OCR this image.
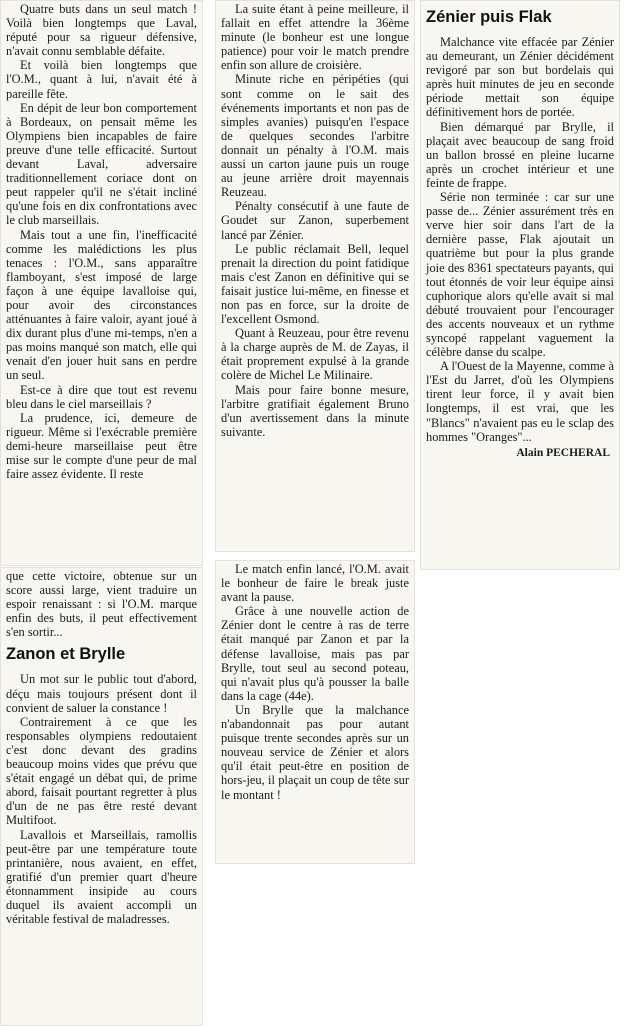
Quatre buts dans un seul match ! Voilà bien longtemps que Laval, réputé pour sa rigueur défensive, n'avait connu semblable défaite.

Et voilà bien longtemps que l'O.M., quant à lui, n'avait été à pareille fête.

En dépit de leur bon comportement à Bordeaux, on pensait même les Olympiens bien incapables de faire preuve d'une telle efficacité. Surtout devant Laval, adversaire traditionnellement coriace dont on peut rappeler qu'il ne s'était incliné qu'une fois en dix confrontations avec le club marseillais.

Mais tout a une fin, l'inefficacité comme les malédictions les plus tenaces : l'O.M., sans apparaître flamboyant, s'est imposé de large façon à une équipe lavalloise qui, pour avoir des circonstances atténuantes à faire valoir, ayant joué à dix durant plus d'une mi-temps, n'en a pas moins manqué son match, elle qui venait d'en jouer huit sans en perdre un seul.

Est-ce à dire que tout est revenu bleu dans le ciel marseillais ?

La prudence, ici, demeure de rigueur. Même si l'exécrable première demi-heure marseillaise peut être mise sur le compte d'une peur de mal faire assez évidente. Il reste

que cette victoire, obtenue sur un score aussi large, vient traduire un espoir renaissant : si l'O.M. marque enfin des buts, il peut effectivement s'en sortir...

Zanon et Brylle

Un mot sur le public tout d'abord, déçu mais toujours présent dont il convient de saluer la constance !

Contrairement à ce que les responsables olympiens redoutaient c'est donc devant des gradins beaucoup moins vides que prévu que s'était engagé un débat qui, de prime abord, faisait pourtant regretter à plus d'un de ne pas être resté devant Multifoot.

Lavallois et Marseillais, ramollis peut-être par une température toute printanière, nous avaient, en effet, gratifié d'un premier quart d'heure étonnamment insipide au cours duquel ils avaient accompli un véritable festival de maladresses.

La suite étant à peine meilleure, il fallait en effet attendre la 36ème minute (le bonheur est une longue patience) pour voir le match prendre enfin son allure de croisière.

Minute riche en péripéties (qui sont comme on le sait des événements importants et non pas de simples avanies) puisqu'en l'espace de quelques secondes l'arbitre donnait un pénalty à l'O.M. mais aussi un carton jaune puis un rouge au jeune arrière droit mayennais Reuzeau.

Pénalty consécutif à une faute de Goudet sur Zanon, superbement lancé par Zénier.

Le public réclamait Bell, lequel prenait la direction du point fatidique mais c'est Zanon en définitive qui se faisait justice lui-même, en finesse et non pas en force, sur la droite de l'excellent Osmond.

Quant à Reuzeau, pour être revenu à la charge auprès de M. de Zayas, il était proprement expulsé à la grande colère de Michel Le Milinaire.

Mais pour faire bonne mesure, l'arbitre gratifiait également Bruno d'un avertissement dans la minute suivante.

Le match enfin lancé, l'O.M. avait le bonheur de faire le break juste avant la pause.

Grâce à une nouvelle action de Zénier dont le centre à ras de terre était manqué par Zanon et par la défense lavalloise, mais pas par Brylle, tout seul au second poteau, qui n'avait plus qu'à pousser la balle dans la cage (44e).

Un Brylle que la malchance n'abandonnait pas pour autant puisque trente secondes après sur un nouveau service de Zénier et alors qu'il était peut-être en position de hors-jeu, il plaçait un coup de tête sur le montant !

Zénier puis Flak

Malchance vite effacée par Zénier au demeurant, un Zénier décidément revigoré par son but bordelais qui après huit minutes de jeu en seconde période mettait son équipe définitivement hors de portée.

Bien démarqué par Brylle, il plaçait avec beaucoup de sang froid un ballon brossé en pleine lucarne après un crochet intérieur et une feinte de frappe.

Série non terminée : car sur une passe de... Zénier assurément très en verve hier soir dans l'art de la dernière passe, Flak ajoutait un quatrième but pour la plus grande joie des 8361 spectateurs payants, qui tout étonnés de voir leur équipe ainsi cuphorique alors qu'elle avait si mal débuté trouvaient pour l'encourager des accents nouveaux et un rythme syncopé rappelant vaguement la célèbre danse du scalpe.

A l'Ouest de la Mayenne, comme à l'Est du Jarret, d'où les Olympiens tirent leur force, il y avait bien longtemps, il est vrai, que les "Blancs" n'avaient pas eu le sclap des hommes "Oranges"...

Alain PECHERAL
